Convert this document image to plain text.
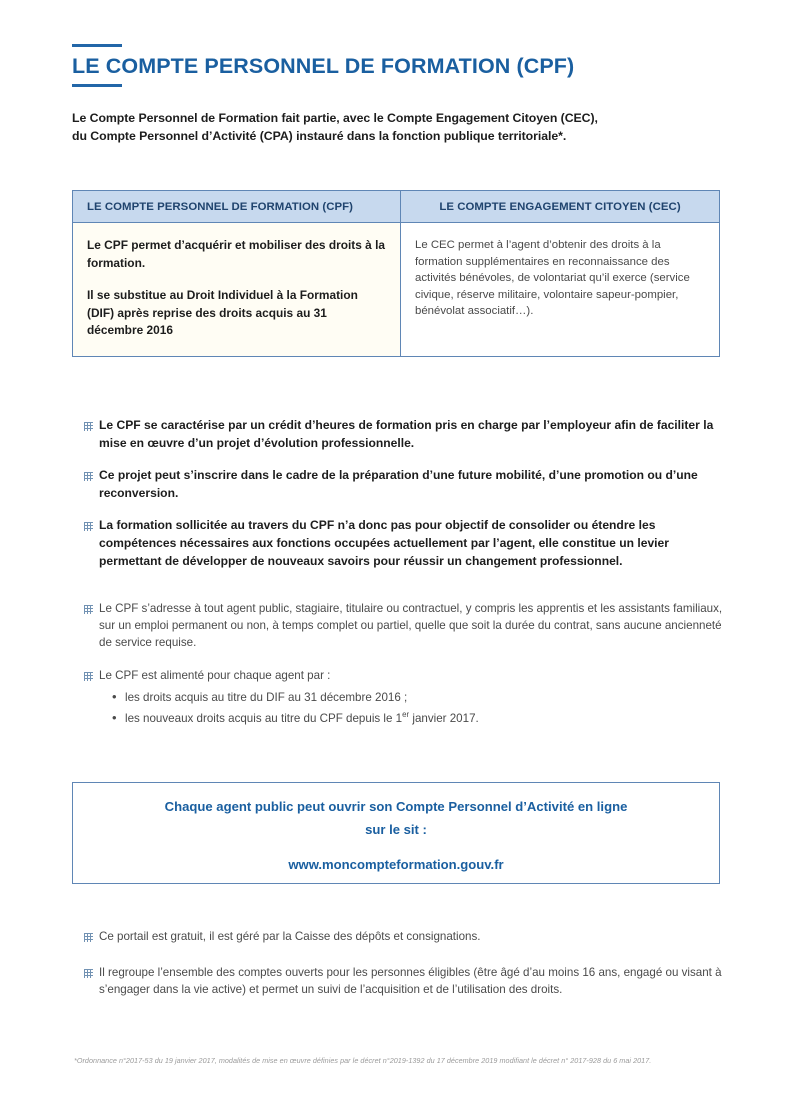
LE COMPTE PERSONNEL DE FORMATION (CPF)
Le Compte Personnel de Formation fait partie, avec le Compte Engagement Citoyen (CEC),
du Compte Personnel d’Activité (CPA) instauré dans la fonction publique territoriale*.
LE COMPTE PERSONNEL DE FORMATION (CPF)	LE COMPTE ENGAGEMENT CITOYEN (CEC)

Le CPF permet d’acquérir et mobiliser des droits à la formation.

Il se substitue au Droit Individuel à la Formation (DIF) après reprise des droits acquis au 31 décembre 2016

Le CEC permet à l’agent d’obtenir des droits à la formation supplémentaires en reconnaissance des activités bénévoles, de volontariat qu’il exerce (service civique, réserve militaire, volontaire sapeur-pompier, bénévolat associatif…).

Le CPF se caractérise par un crédit d’heures de formation pris en charge par l’employeur afin de faciliter la mise en œuvre d’un projet d’évolution professionnelle.
Ce projet peut s’inscrire dans le cadre de la préparation d’une future mobilité, d’une promotion ou d’une reconversion.
La formation sollicitée au travers du CPF n’a donc pas pour objectif de consolider ou étendre les compétences nécessaires aux fonctions occupées actuellement par l’agent, elle constitue un levier permettant de développer de nouveaux savoirs pour réussir un changement professionnel.
Le CPF s’adresse à tout agent public, stagiaire, titulaire ou contractuel, y compris les apprentis et les assistants familiaux, sur un emploi permanent ou non, à temps complet ou partiel, quelle que soit la durée du contrat, sans aucune ancienneté de service requise.
Le CPF est alimenté pour chaque agent par :
• les droits acquis au titre du DIF au 31 décembre 2016 ;
• les nouveaux droits acquis au titre du CPF depuis le 1er janvier 2017.
Chaque agent public peut ouvrir son Compte Personnel d’Activité en ligne
sur le sit :
www.moncompteformation.gouv.fr
Ce portail est gratuit, il est géré par la Caisse des dépôts et consignations.
Il regroupe l’ensemble des comptes ouverts pour les personnes éligibles (être âgé d’au moins 16 ans, engagé ou visant à s’engager dans la vie active) et permet un suivi de l’acquisition et de l’utilisation des droits.
*Ordonnance n°2017-53 du 19 janvier 2017, modalités de mise en œuvre définies par le décret n°2019-1392 du 17 décembre 2019 modifiant le décret n° 2017-928 du 6 mai 2017.
